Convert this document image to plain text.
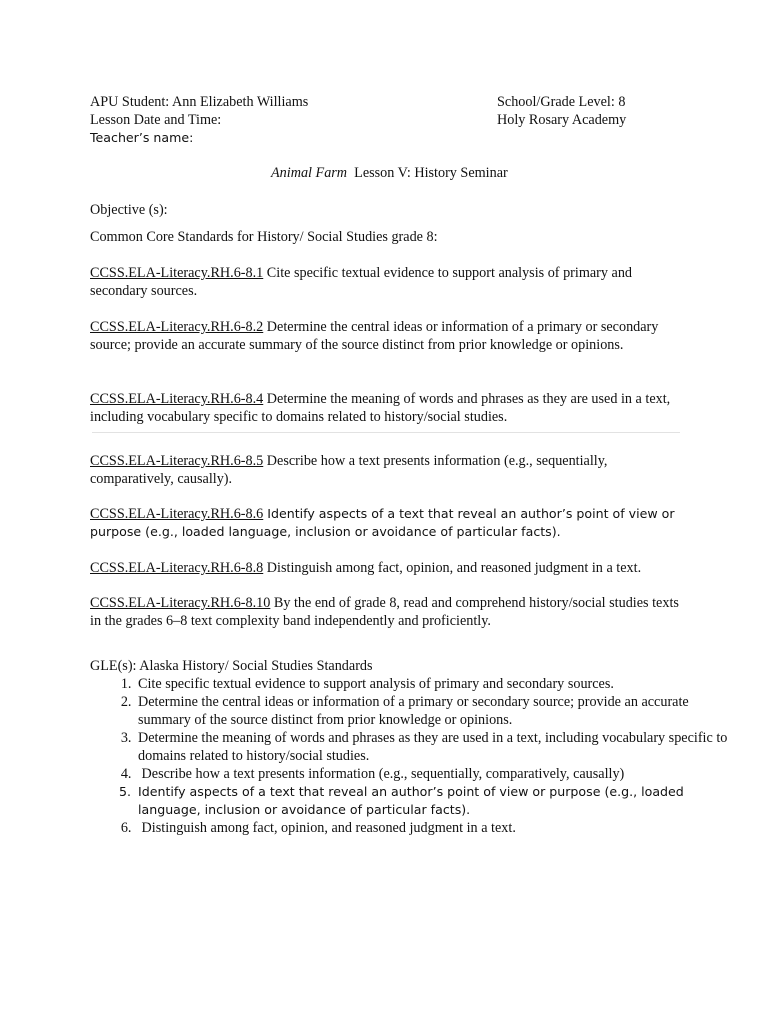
APU Student: Ann Elizabeth Williams	School/Grade Level: 8
Lesson Date and Time:	Holy Rosary Academy
Teacher’s name:
Animal Farm  Lesson V: History Seminar
Objective (s):
Common Core Standards for History/ Social Studies grade 8:
CCSS.ELA-Literacy.RH.6-8.1 Cite specific textual evidence to support analysis of primary and secondary sources.
CCSS.ELA-Literacy.RH.6-8.2 Determine the central ideas or information of a primary or secondary source; provide an accurate summary of the source distinct from prior knowledge or opinions.
CCSS.ELA-Literacy.RH.6-8.4 Determine the meaning of words and phrases as they are used in a text, including vocabulary specific to domains related to history/social studies.
CCSS.ELA-Literacy.RH.6-8.5 Describe how a text presents information (e.g., sequentially, comparatively, causally).
CCSS.ELA-Literacy.RH.6-8.6 Identify aspects of a text that reveal an author’s point of view or purpose (e.g., loaded language, inclusion or avoidance of particular facts).
CCSS.ELA-Literacy.RH.6-8.8 Distinguish among fact, opinion, and reasoned judgment in a text.
CCSS.ELA-Literacy.RH.6-8.10 By the end of grade 8, read and comprehend history/social studies texts in the grades 6–8 text complexity band independently and proficiently.
GLE(s): Alaska History/ Social Studies Standards
1. Cite specific textual evidence to support analysis of primary and secondary sources.
2. Determine the central ideas or information of a primary or secondary source; provide an accurate summary of the source distinct from prior knowledge or opinions.
3. Determine the meaning of words and phrases as they are used in a text, including vocabulary specific to domains related to history/social studies.
4.  Describe how a text presents information (e.g., sequentially, comparatively, causally)
5. Identify aspects of a text that reveal an author’s point of view or purpose (e.g., loaded language, inclusion or avoidance of particular facts).
6.  Distinguish among fact, opinion, and reasoned judgment in a text.
